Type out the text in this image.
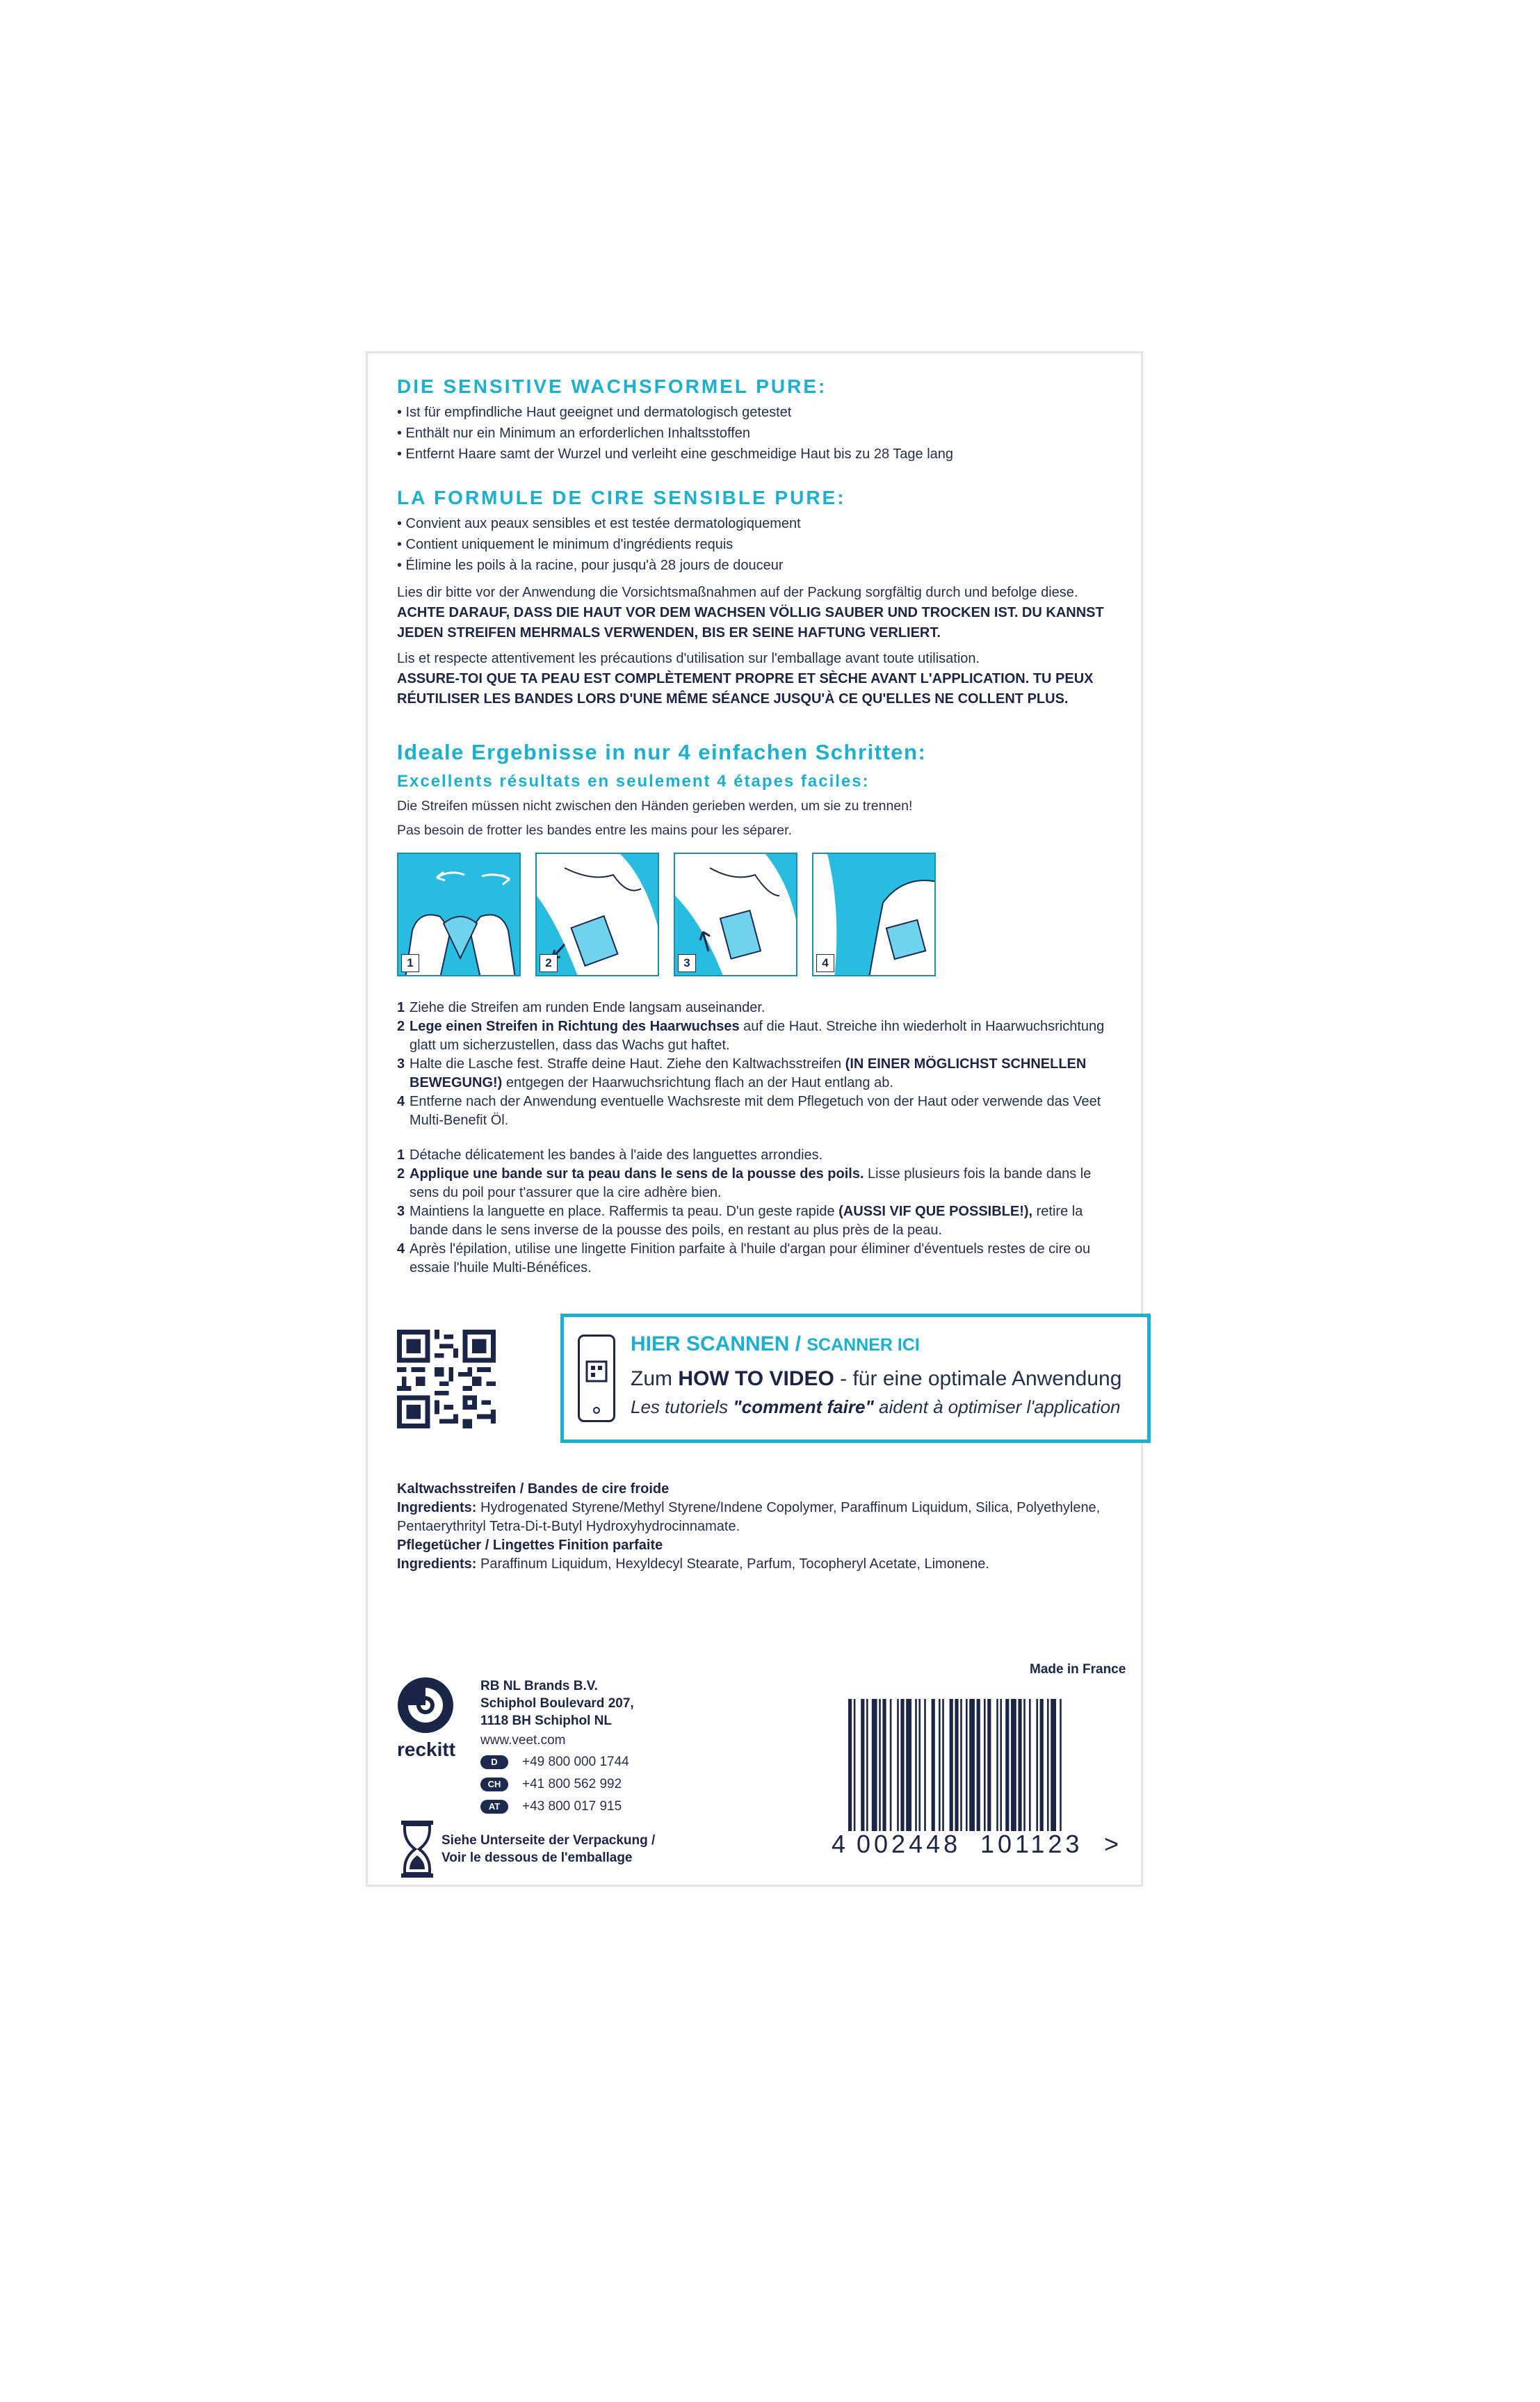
DIE SENSITIVE WACHSFORMEL PURE:
• Ist für empfindliche Haut geeignet und dermatologisch getestet
• Enthält nur ein Minimum an erforderlichen Inhaltsstoffen
• Entfernt Haare samt der Wurzel und verleiht eine geschmeidige Haut bis zu 28 Tage lang
LA FORMULE DE CIRE SENSIBLE PURE:
• Convient aux peaux sensibles et est testée dermatologiquement
• Contient uniquement le minimum d'ingrédients requis
• Élimine les poils à la racine, pour jusqu'à 28 jours de douceur
Lies dir bitte vor der Anwendung die Vorsichtsmaßnahmen auf der Packung sorgfältig durch und befolge diese. ACHTE DARAUF, DASS DIE HAUT VOR DEM WACHSEN VÖLLIG SAUBER UND TROCKEN IST. DU KANNST JEDEN STREIFEN MEHRMALS VERWENDEN, BIS ER SEINE HAFTUNG VERLIERT.
Lis et respecte attentivement les précautions d'utilisation sur l'emballage avant toute utilisation.
ASSURE-TOI QUE TA PEAU EST COMPLÈTEMENT PROPRE ET SÈCHE AVANT L'APPLICATION. TU PEUX RÉUTILISER LES BANDES LORS D'UNE MÊME SÉANCE JUSQU'À CE QU'ELLES NE COLLENT PLUS.
Ideale Ergebnisse in nur 4 einfachen Schritten:
Excellents résultats en seulement 4 étapes faciles:
Die Streifen müssen nicht zwischen den Händen gerieben werden, um sie zu trennen!
Pas besoin de frotter les bandes entre les mains pour les séparer.
1	2	3	4
1 Ziehe die Streifen am runden Ende langsam auseinander.
2 Lege einen Streifen in Richtung des Haarwuchses auf die Haut. Streiche ihn wiederholt in Haarwuchsrichtung glatt um sicherzustellen, dass das Wachs gut haftet.
3 Halte die Lasche fest. Straffe deine Haut. Ziehe den Kaltwachsstreifen (IN EINER MÖGLICHST SCHNELLEN BEWEGUNG!) entgegen der Haarwuchsrichtung flach an der Haut entlang ab.
4 Entferne nach der Anwendung eventuelle Wachsreste mit dem Pflegetuch von der Haut oder verwende das Veet Multi-Benefit Öl.
1 Détache délicatement les bandes à l'aide des languettes arrondies.
2 Applique une bande sur ta peau dans le sens de la pousse des poils. Lisse plusieurs fois la bande dans le sens du poil pour t'assurer que la cire adhère bien.
3 Maintiens la languette en place. Raffermis ta peau. D'un geste rapide (AUSSI VIF QUE POSSIBLE!), retire la bande dans le sens inverse de la pousse des poils, en restant au plus près de la peau.
4 Après l'épilation, utilise une lingette Finition parfaite à l'huile d'argan pour éliminer d'éventuels restes de cire ou essaie l'huile Multi-Bénéfices.
HIER SCANNEN / SCANNER ICI
Zum HOW TO VIDEO - für eine optimale Anwendung
Les tutoriels "comment faire" aident à optimiser l'application
Kaltwachsstreifen / Bandes de cire froide
Ingredients: Hydrogenated Styrene/Methyl Styrene/Indene Copolymer, Paraffinum Liquidum, Silica, Polyethylene, Pentaerythrityl Tetra-Di-t-Butyl Hydroxyhydrocinnamate.
Pflegetücher / Lingettes Finition parfaite
Ingredients: Paraffinum Liquidum, Hexyldecyl Stearate, Parfum, Tocopheryl Acetate, Limonene.
Made in France
reckitt
RB NL Brands B.V.
Schiphol Boulevard 207,
1118 BH Schiphol NL
www.veet.com
D	+49 800 000 1744
CH	+41 800 562 992
AT	+43 800 017 915
Siehe Unterseite der Verpackung /
Voir le dessous de l'emballage	4 002448 101123 >
